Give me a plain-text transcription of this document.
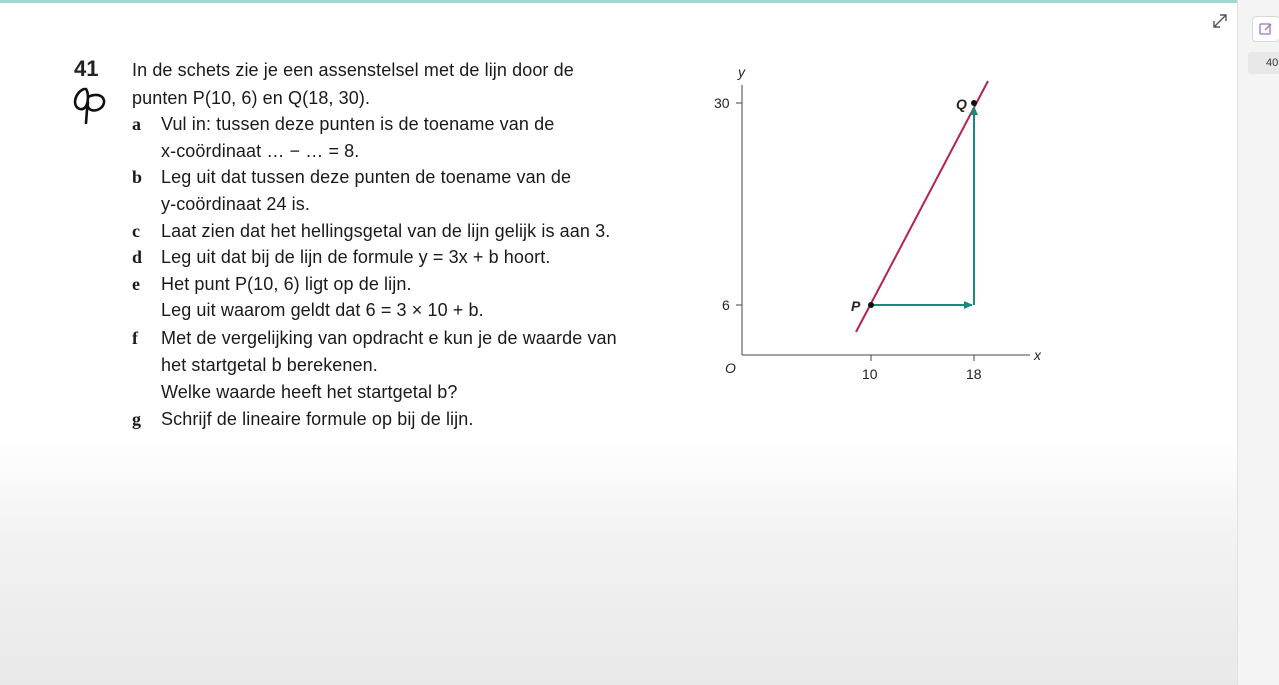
40
41 In de schets zie je een assenstelsel met de lijn door de
punten P(10, 6) en Q(18, 30).
a Vul in: tussen deze punten is de toename van de
x-coördinaat … − … = 8.
b Leg uit dat tussen deze punten de toename van de
y-coördinaat 24 is.
c Laat zien dat het hellingsgetal van de lijn gelijk is aan 3.
d Leg uit dat bij de lijn de formule y = 3x + b hoort.
e Het punt P(10, 6) ligt op de lijn.
Leg uit waarom geldt dat 6 = 3 × 10 + b.
f Met de vergelijking van opdracht e kun je de waarde van
het startgetal b berekenen.
Welke waarde heeft het startgetal b?
g Schrijf de lineaire formule op bij de lijn.
y
x
O
30
6
10	18
P
Q
